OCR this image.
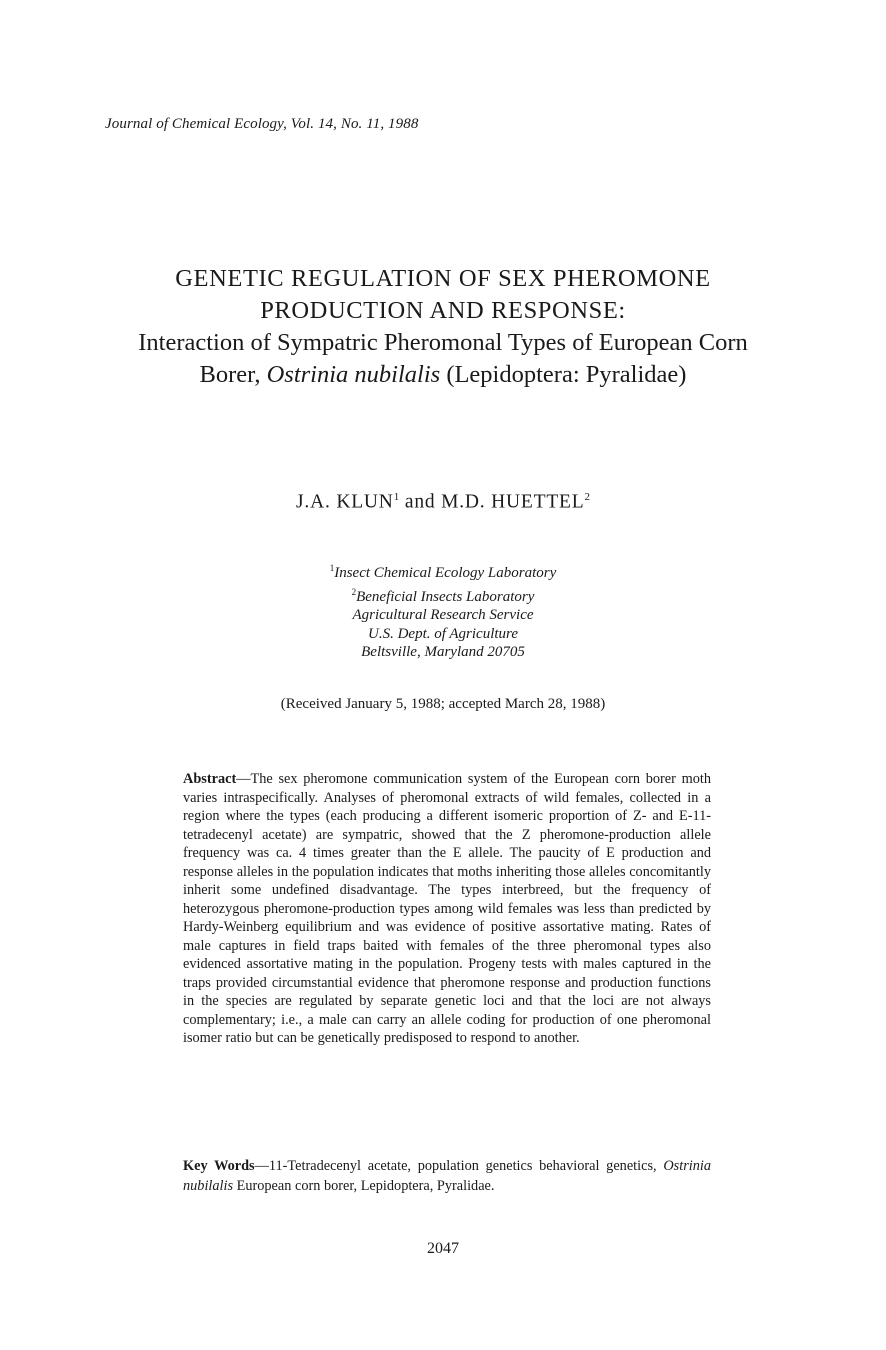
Journal of Chemical Ecology, Vol. 14, No. 11, 1988
GENETIC REGULATION OF SEX PHEROMONE
PRODUCTION AND RESPONSE:
Interaction of Sympatric Pheromonal Types of European Corn
Borer, Ostrinia nubilalis (Lepidoptera: Pyralidae)
J.A. KLUN$^1$ and M.D. HUETTEL$^2$
$^1$Insect Chemical Ecology Laboratory
$^2$Beneficial Insects Laboratory
Agricultural Research Service
U.S. Dept. of Agriculture
Beltsville, Maryland 20705
(Received January 5, 1988; accepted March 28, 1988)
Abstract—The sex pheromone communication system of the European corn borer moth varies intraspecifically. Analyses of pheromonal extracts of wild females, collected in a region where the types (each producing a different isomeric proportion of Z- and E-11-tetradecenyl acetate) are sympatric, showed that the Z pheromone-production allele frequency was ca. 4 times greater than the E allele. The paucity of E production and response alleles in the population indicates that moths inheriting those alleles concomitantly inherit some undefined disadvantage. The types interbreed, but the frequency of heterozygous pheromone-production types among wild females was less than predicted by Hardy-Weinberg equilibrium and was evidence of positive assortative mating. Rates of male captures in field traps baited with females of the three pheromonal types also evidenced assortative mating in the population. Progeny tests with males captured in the traps provided circumstantial evidence that pheromone response and production functions in the species are regulated by separate genetic loci and that the loci are not always complementary; i.e., a male can carry an allele coding for production of one pheromonal isomer ratio but can be genetically predisposed to respond to another.
Key Words—11-Tetradecenyl acetate, population genetics behavioral genetics, Ostrinia nubilalis European corn borer, Lepidoptera, Pyralidae.
2047
